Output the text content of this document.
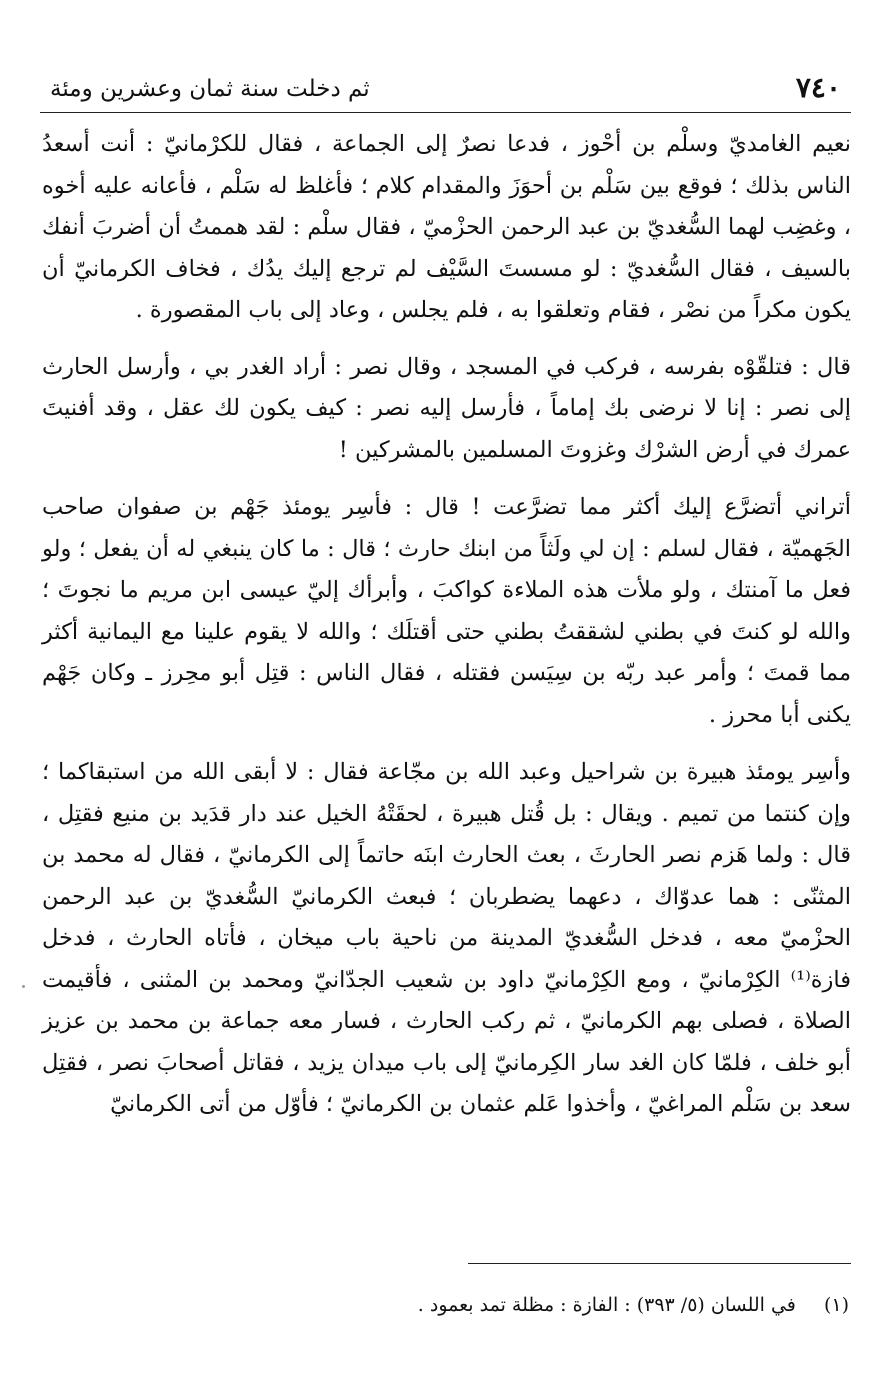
٧٤٠
ثم دخلت سنة ثمان وعشرين ومئة

نعيم الغامديّ وسلْم بن أحْوز ، فدعا نصرٌ إلى الجماعة ، فقال للكرْمانيّ : أنت أسعدُ الناس بذلك ؛ فوقع بين سَلْم بن أحوَزَ والمقدام كلام ؛ فأغلظ له سَلْم ، فأعانه عليه أخوه ، وغضِب لهما السُّغديّ بن عبد الرحمن الحزْميّ ، فقال سلْم : لقد هممتُ أن أضربَ أنفك بالسيف ، فقال السُّغديّ : لو مسستَ السَّيْف لم ترجع إليك يدُك ، فخاف الكرمانيّ أن يكون مكراً من نصْر ، فقام وتعلقوا به ، فلم يجلس ، وعاد إلى باب المقصورة .

قال : فتلقّوْه بفرسه ، فركب في المسجد ، وقال نصر : أراد الغدر بي ، وأرسل الحارث إلى نصر : إنا لا نرضى بك إماماً ، فأرسل إليه نصر : كيف يكون لك عقل ، وقد أفنيتَ عمرك في أرض الشرْك وغزوتَ المسلمين بالمشركين !

أتراني أتضرَّع إليك أكثر مما تضرَّعت ! قال : فأسِر يومئذ جَهْم بن صفوان صاحب الجَهميّة ، فقال لسلم : إن لي ولَثاً من ابنك حارث ؛ قال : ما كان ينبغي له أن يفعل ؛ ولو فعل ما آمنتك ، ولو ملأت هذه الملاءة كواكبَ ، وأبرأك إليّ عيسى ابن مريم ما نجوتَ ؛ والله لو كنتَ في بطني لشققتُ بطني حتى أقتلَك ؛ والله لا يقوم علينا مع اليمانية أكثر مما قمتَ ؛ وأمر عبد ربّه بن سِيَسن فقتله ، فقال الناس : قتِل أبو محِرز ـ وكان جَهْم يكنى أبا محرز .

وأسِر يومئذ هبيرة بن شراحيل وعبد الله بن مجّاعة فقال : لا أبقى الله من استبقاكما ؛ وإن كنتما من تميم . ويقال : بل قُتل هبيرة ، لحقَتْهُ الخيل عند دار قدَيد بن منيع فقتِل ، قال : ولما هَزم نصر الحارثَ ، بعث الحارث ابنَه حاتماً إلى الكرمانيّ ، فقال له محمد بن المثنّى : هما عدوّاك ، دعهما يضطربان ؛ فبعث الكرمانيّ السُّغديّ بن عبد الرحمن الحزْميّ معه ، فدخل السُّغديّ المدينة من ناحية باب ميخان ، فأتاه الحارث ، فدخل فازة⁽¹⁾ الكِرْمانيّ ، ومع الكِرْمانيّ داود بن شعيب الجدّانيّ ومحمد بن المثنى ، فأقيمت الصلاة ، فصلى بهم الكرمانيّ ، ثم ركب الحارث ، فسار معه جماعة بن محمد بن عزيز أبو خلف ، فلمّا كان الغد سار الكِرمانيّ إلى باب ميدان يزيد ، فقاتل أصحابَ نصر ، فقتِل سعد بن سَلْم المراغيّ ، وأخذوا عَلم عثمان بن الكرمانيّ ؛ فأوّل من أتى الكرمانيّ

(١) في اللسان (٥/ ٣٩٣) : الفازة : مظلة تمد بعمود .
